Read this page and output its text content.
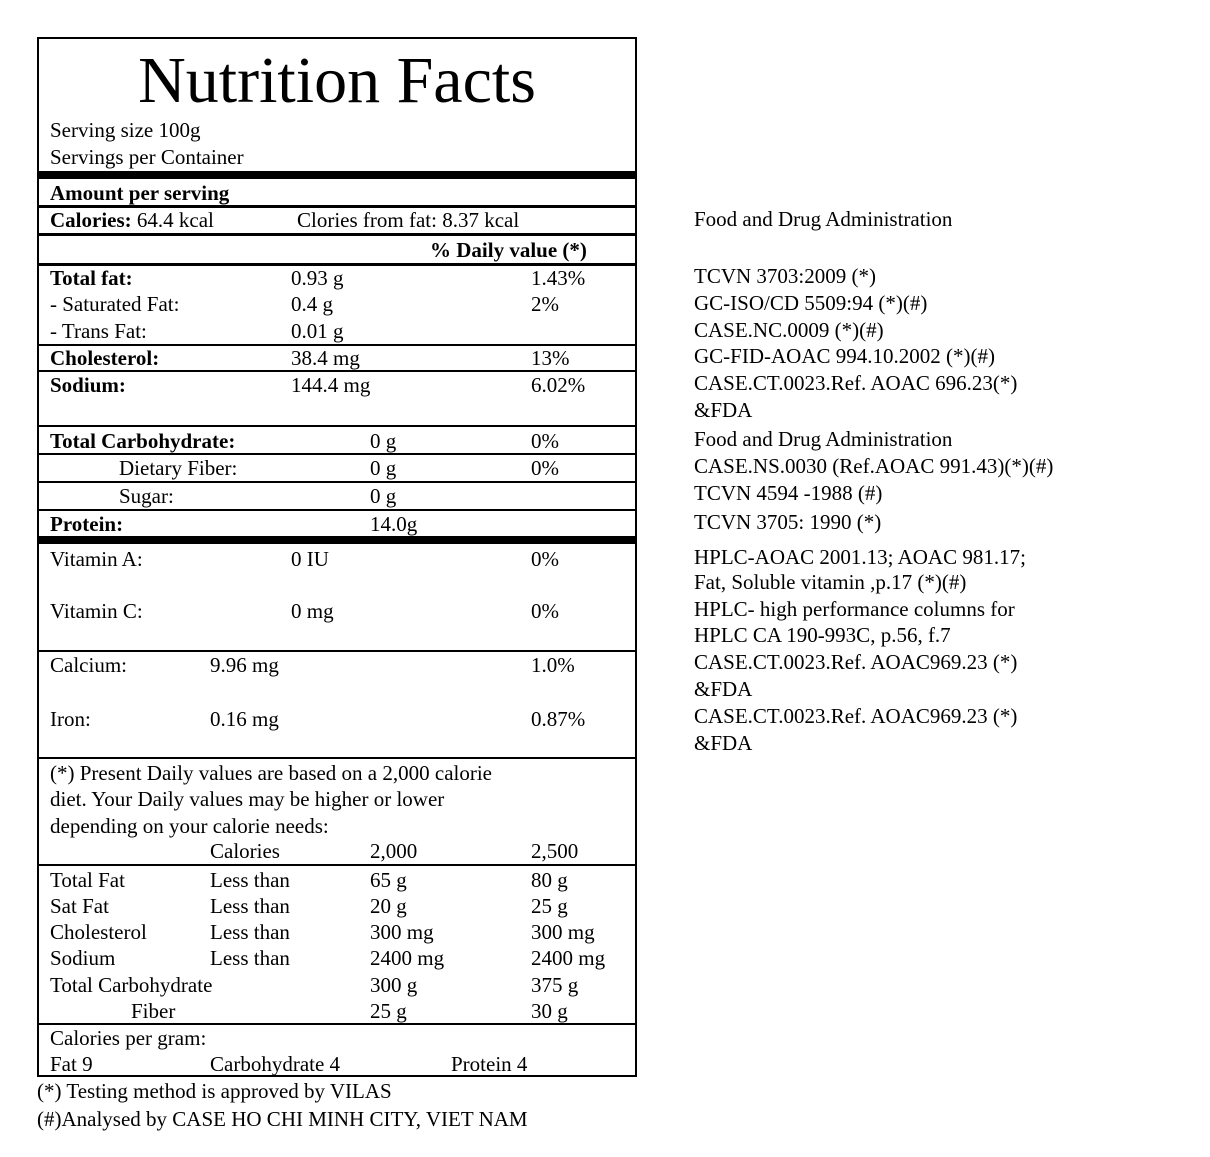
Nutrition Facts
Serving size 100g
Servings per Container
Amount per serving
Calories: 64.4 kcal	Clories from fat: 8.37 kcal
% Daily value (*)
Total fat:	0.93 g	1.43%
- Saturated Fat:	0.4 g	2%
- Trans Fat:	0.01 g
Cholesterol:	38.4 mg	13%
Sodium:	144.4 mg	6.02%
Total Carbohydrate:	0 g	0%
Dietary Fiber:	0 g	0%
Sugar:	0 g
Protein:	14.0g
Vitamin A:	0 IU	0%
Vitamin C:	0 mg	0%
Calcium:	9.96 mg	1.0%
Iron:	0.16 mg	0.87%
(*) Present Daily values are based on a 2,000 calorie
diet. Your Daily values may be higher or lower
depending on your calorie needs:
Calories	2,000	2,500
Total Fat	Less than	65 g	80 g
Sat Fat	Less than	20 g	25 g
Cholesterol	Less than	300 mg	300 mg
Sodium	Less than	2400 mg	2400 mg
Total Carbohydrate	300 g	375 g
Fiber	25 g	30 g
Calories per gram:
Fat 9	Carbohydrate 4	Protein 4
(*) Testing method is approved by VILAS
(#)Analysed by CASE HO CHI MINH CITY, VIET NAM
Food and Drug Administration
TCVN 3703:2009 (*)
GC-ISO/CD 5509:94 (*)(#)
CASE.NC.0009 (*)(#)
GC-FID-AOAC 994.10.2002 (*)(#)
CASE.CT.0023.Ref. AOAC 696.23(*)
&FDA
Food and Drug Administration
CASE.NS.0030 (Ref.AOAC 991.43)(*)(#)
TCVN 4594 -1988 (#)
TCVN 3705: 1990 (*)
HPLC-AOAC 2001.13; AOAC 981.17;
Fat, Soluble vitamin ,p.17 (*)(#)
HPLC- high performance columns for
HPLC CA 190-993C, p.56, f.7
CASE.CT.0023.Ref. AOAC969.23 (*)
&FDA
CASE.CT.0023.Ref. AOAC969.23 (*)
&FDA
